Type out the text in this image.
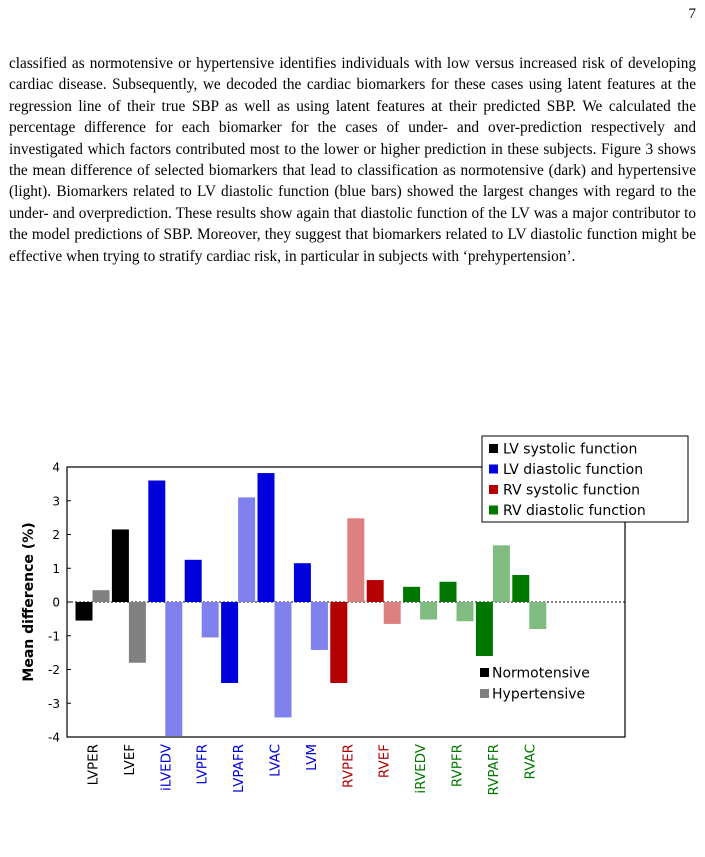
7

classified as normotensive or hypertensive identifies individuals with low versus increased risk of developing cardiac disease. Subsequently, we decoded the cardiac biomarkers for these cases using latent features at the regression line of their true SBP as well as using latent features at their predicted SBP. We calculated the percentage difference for each biomarker for the cases of under- and over-prediction respectively and investigated which factors contributed most to the lower or higher prediction in these subjects. Figure 3 shows the mean difference of selected biomarkers that lead to classification as normotensive (dark) and hypertensive (light). Biomarkers related to LV diastolic function (blue bars) showed the largest changes with regard to the under- and overprediction. These results show again that diastolic function of the LV was a major contributor to the model predictions of SBP. Moreover, they suggest that biomarkers related to LV diastolic function might be effective when trying to stratify cardiac risk, in particular in subjects with ‘prehypertension’.

4
3
2
1
0
-1
-2
-3
-4
Mean difference (%)
LVPER LVEF iLVEDV LVPFR LVPAFR LVAC LVM RVPER RVEF iRVEDV RVPFR RVPAFR RVAC
LV systolic function
LV diastolic function
RV systolic function
RV diastolic function
Normotensive
Hypertensive
